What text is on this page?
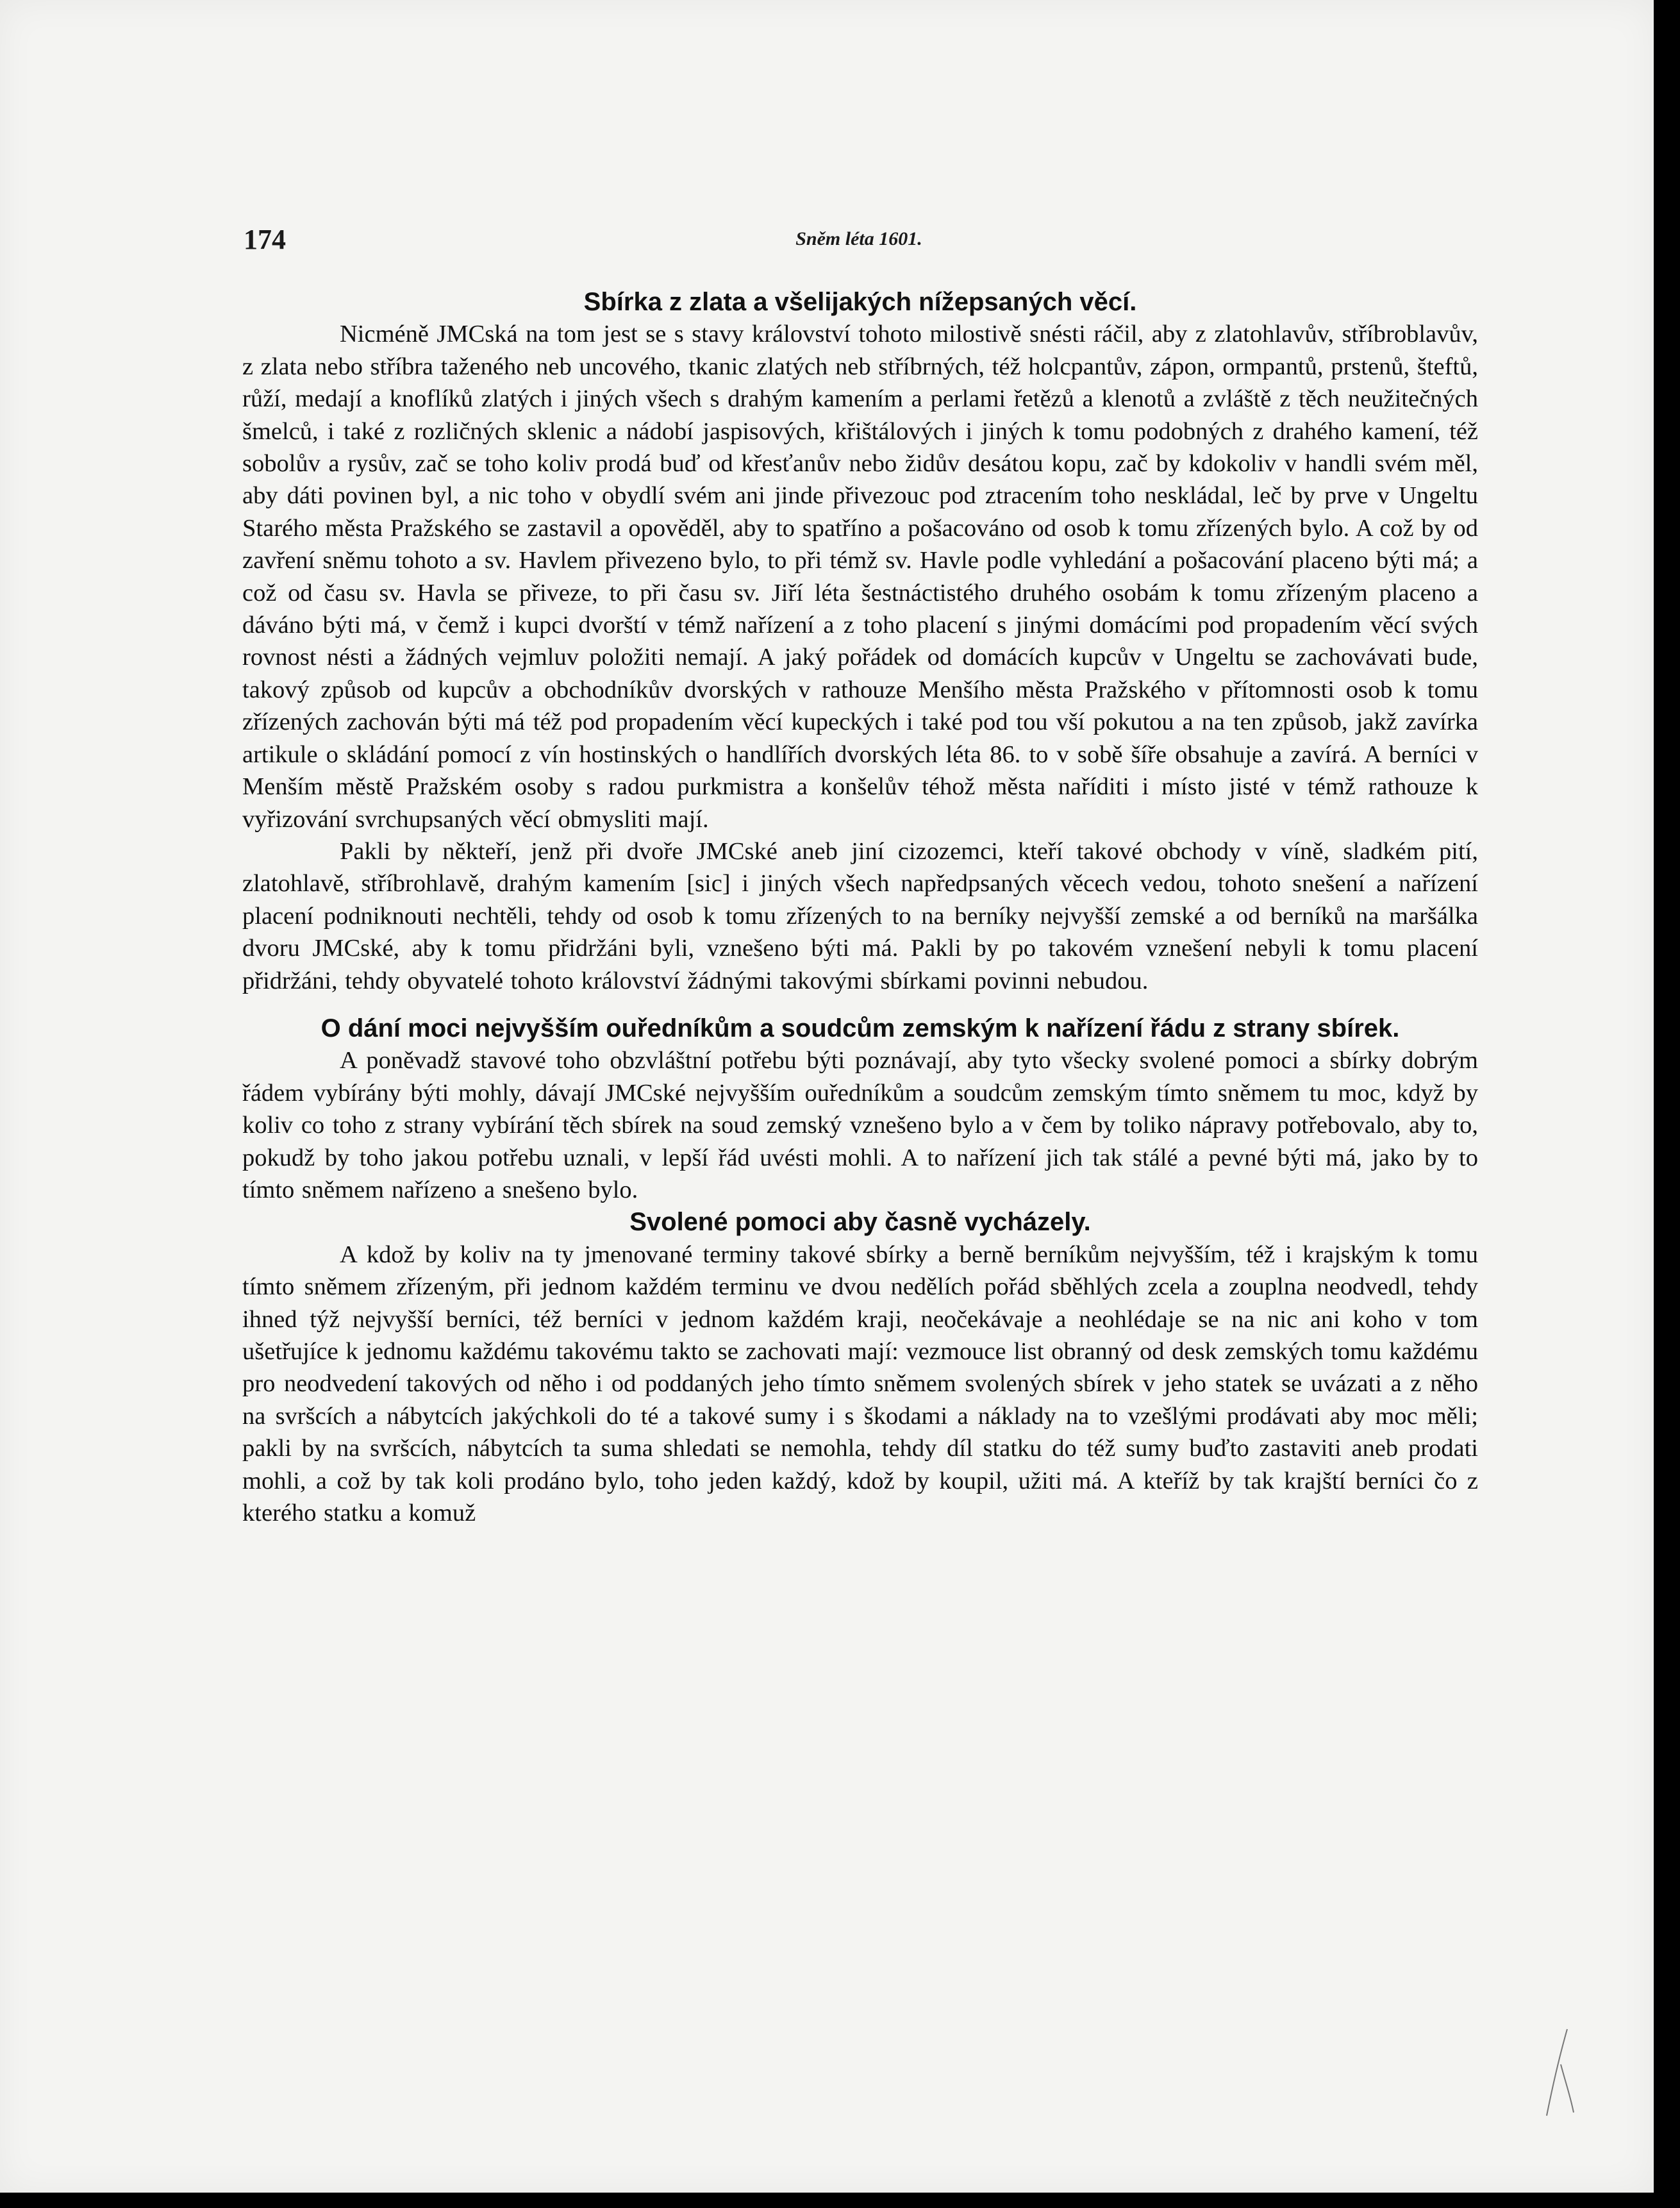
174	Sněm léta 1601.
Sbírka z zlata a všelijakých nížepsaných věcí.

Nicméně JMCská na tom jest se s stavy království tohoto milostivě snésti ráčil, aby z zlatohlavův, stříbroblavův, z zlata nebo stříbra taženého neb uncového, tkanic zlatých neb stříbrných, též holcpantův, zápon, ormpantů, prstenů, šteftů, růží, medají a knoflíků zlatých i jiných všech s drahým kamením a perlami řetězů a klenotů a zvláště z těch neužitečných šmelců, i také z rozličných sklenic a nádobí jaspisových, křištálových i jiných k tomu podobných z drahého kamení, též sobolův a rysův, zač se toho koliv prodá buď od křesťanův nebo židův desátou kopu, zač by kdokoliv v handli svém měl, aby dáti povinen byl, a nic toho v obydlí svém ani jinde přivezouc pod ztracením toho neskládal, leč by prve v Ungeltu Starého města Pražského se zastavil a opověděl, aby to spatříno a pošacováno od osob k tomu zřízených bylo. A což by od zavření sněmu tohoto a sv. Havlem přivezeno bylo, to při témž sv. Havle podle vyhledání a pošacování placeno býti má; a což od času sv. Havla se přiveze, to při času sv. Jiří léta šestnáctistého druhého osobám k tomu zřízeným placeno a dáváno býti má, v čemž i kupci dvorští v témž nařízení a z toho placení s jinými domácími pod propadením věcí svých rovnost nésti a žádných vejmluv položiti nemají. A jaký pořádek od domácích kupcův v Ungeltu se zachovávati bude, takový způsob od kupcův a obchodníkův dvorských v rathouze Menšího města Pražského v přítomnosti osob k tomu zřízených zachován býti má též pod propadením věcí kupeckých i také pod tou vší pokutou a na ten způsob, jakž zavírka artikule o skládání pomocí z vín hostinských o handlířích dvorských léta 86. to v sobě šíře obsahuje a zavírá. A berníci v Menším městě Pražském osoby s radou purkmistra a konšelův téhož města naříditi i místo jisté v témž rathouze k vyřizování svrchupsaných věcí obmysliti mají.

Pakli by někteří, jenž při dvoře JMCské aneb jiní cizozemci, kteří takové obchody v víně, sladkém pití, zlatohlavě, stříbrohlavě, drahým kamením [sic] i jiných všech napředpsaných věcech vedou, tohoto snešení a nařízení placení podniknouti nechtěli, tehdy od osob k tomu zřízených to na berníky nejvyšší zemské a od berníků na maršálka dvoru JMCské, aby k tomu přidržáni byli, vznešeno býti má. Pakli by po takovém vznešení nebyli k tomu placení přidržáni, tehdy obyvatelé tohoto království žádnými takovými sbírkami povinni nebudou.

O dání moci nejvyšším ouředníkům a soudcům zemským k nařízení řádu z strany sbírek.

A poněvadž stavové toho obzvláštní potřebu býti poznávají, aby tyto všecky svolené pomoci a sbírky dobrým řádem vybírány býti mohly, dávají JMCské nejvyšším ouředníkům a soudcům zemským tímto sněmem tu moc, když by koliv co toho z strany vybírání těch sbírek na soud zemský vznešeno bylo a v čem by toliko nápravy potřebovalo, aby to, pokudž by toho jakou potřebu uznali, v lepší řád uvésti mohli. A to nařízení jich tak stálé a pevné býti má, jako by to tímto sněmem nařízeno a snešeno bylo.

Svolené pomoci aby časně vycházely.

A kdož by koliv na ty jmenované terminy takové sbírky a berně berníkům nejvyšším, též i krajským k tomu tímto sněmem zřízeným, při jednom každém terminu ve dvou nedělích pořád sběhlých zcela a zouplna neodvedl, tehdy ihned týž nejvyšší berníci, též berníci v jednom každém kraji, neočekávaje a neohlédaje se na nic ani koho v tom ušetřujíce k jednomu každému takovému takto se zachovati mají: vezmouce list obranný od desk zemských tomu každému pro neodvedení takových od něho i od poddaných jeho tímto sněmem svolených sbírek v jeho statek se uvázati a z něho na svršcích a nábytcích jakýchkoli do té a takové sumy i s škodami a náklady na to vzešlými prodávati aby moc měli; pakli by na svršcích, nábytcích ta suma shledati se nemohla, tehdy díl statku do též sumy buďto zastaviti aneb prodati mohli, a což by tak koli prodáno bylo, toho jeden každý, kdož by koupil, užiti má. A kteříž by tak krajští berníci čo z kterého statku a komuž
